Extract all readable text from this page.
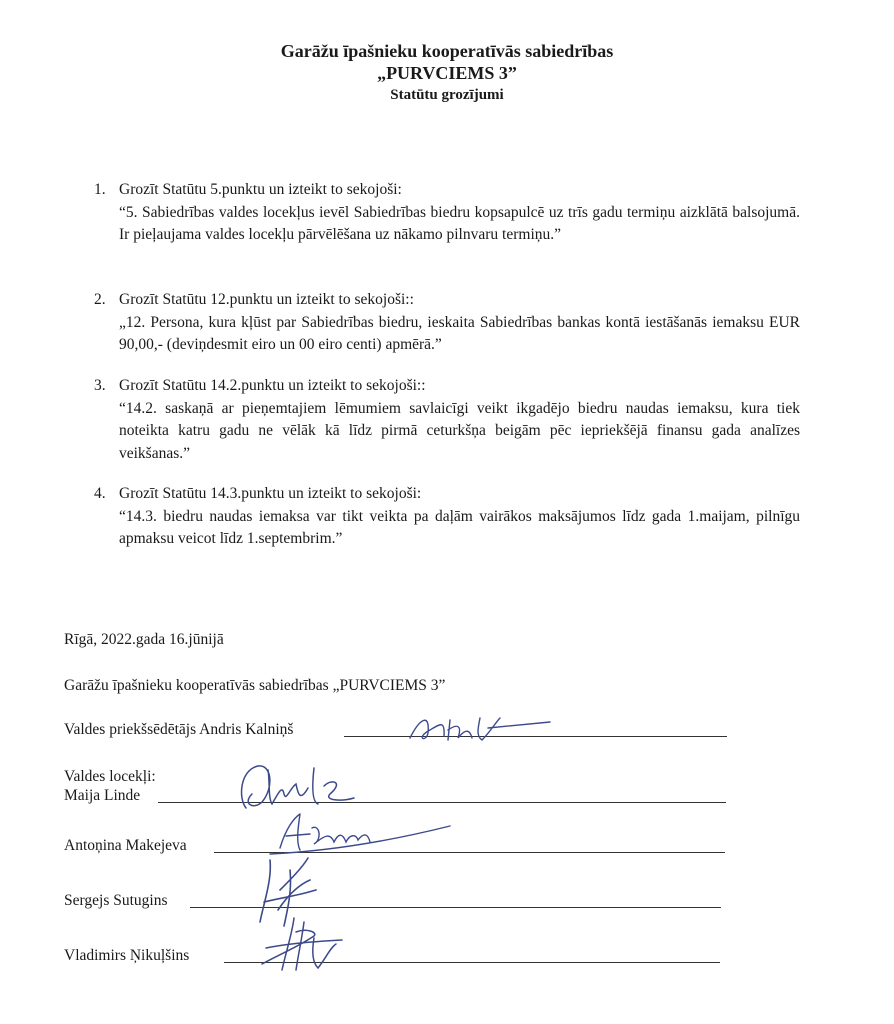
Garāžu īpašnieku kooperatīvās sabiedrības
„PURVCIEMS 3”
Statūtu grozījumi
1. Grozīt Statūtu 5.punktu un izteikt to sekojoši:
“5. Sabiedrības valdes locekļus ievēl Sabiedrības biedru kopsapulcē uz trīs gadu termiņu aizklātā balsojumā. Ir pieļaujama valdes locekļu pārvēlēšana uz nākamo pilnvaru termiņu.”
2. Grozīt Statūtu 12.punktu un izteikt to sekojoši::
„12. Persona, kura kļūst par Sabiedrības biedru, ieskaita Sabiedrības bankas kontā iestāšanās iemaksu EUR 90,00,- (deviņdesmit eiro un 00 eiro centi) apmērā.”
3. Grozīt Statūtu 14.2.punktu un izteikt to sekojoši::
“14.2. saskaņā ar pieņemtajiem lēmumiem savlaicīgi veikt ikgadējo biedru naudas iemaksu, kura tiek noteikta katru gadu ne vēlāk kā līdz pirmā ceturkšņa beigām pēc iepriekšējā finansu gada analīzes veikšanas.”
4. Grozīt Statūtu 14.3.punktu un izteikt to sekojoši:
“14.3. biedru naudas iemaksa var tikt veikta pa daļām vairākos maksājumos līdz gada 1.maijam, pilnīgu apmaksu veicot līdz 1.septembrim.”
Rīgā, 2022.gada 16.jūnijā
Garāžu īpašnieku kooperatīvās sabiedrības „PURVCIEMS 3”
Valdes priekšsēdētājs Andris Kalniņš
Valdes locekļi:
Maija Linde
Antoņina Makejeva
Sergejs Sutugins
Vladimirs Ņikuļšins
